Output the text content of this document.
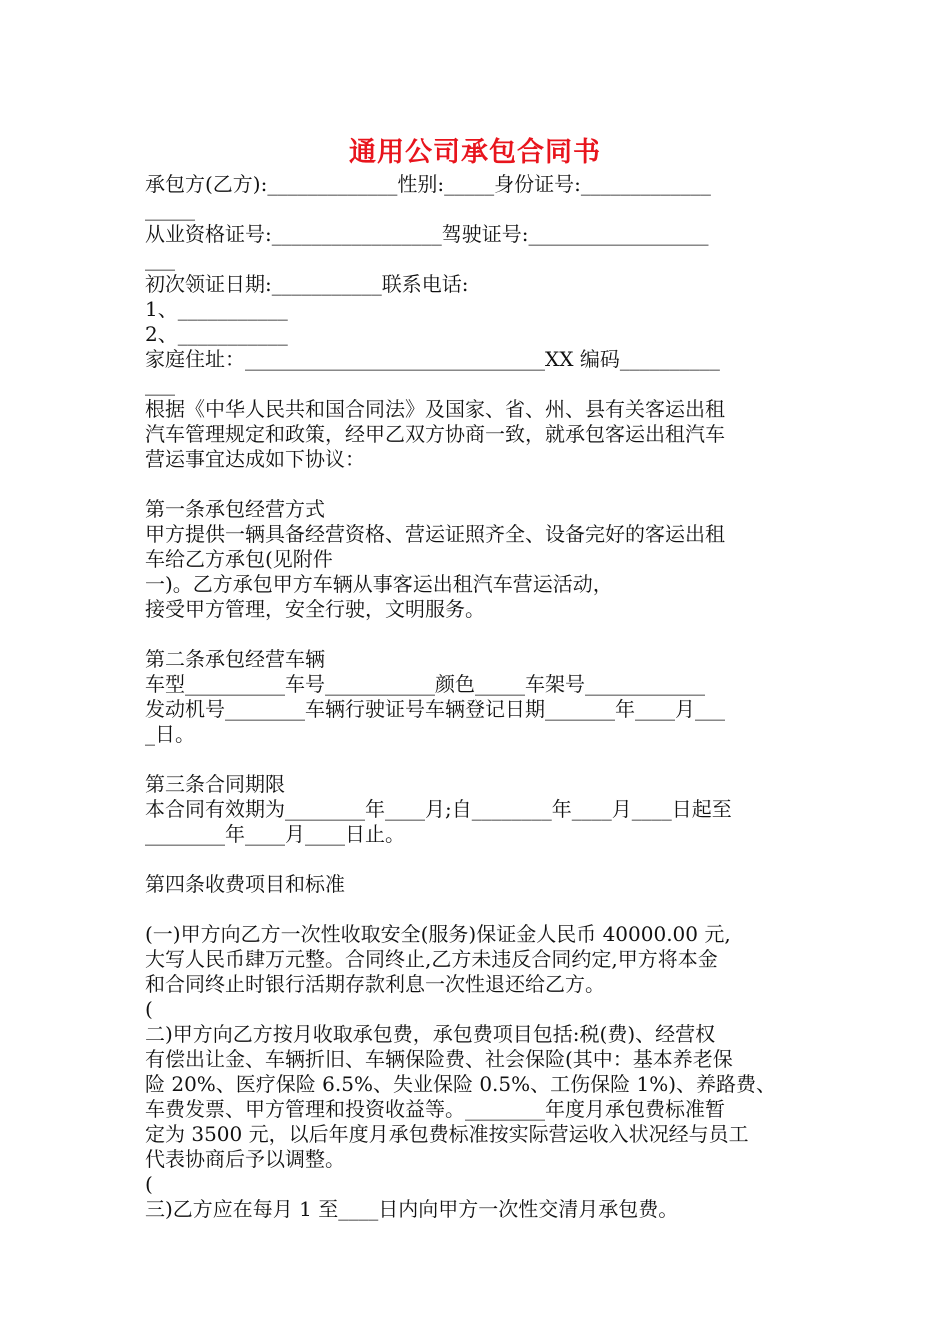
通用公司承包合同书
承包方(乙方):_____________性别:_____身份证号:_____________
_____
从业资格证号:_________________驾驶证号:__________________
___
初次领证日期:___________联系电话:
1、___________
2、___________
家庭住址：______________________________XX 编码__________
___
根据《中华人民共和国合同法》及国家、省、州、县有关客运出租
汽车管理规定和政策，经甲乙双方协商一致，就承包客运出租汽车
营运事宜达成如下协议：
第一条承包经营方式
甲方提供一辆具备经营资格、营运证照齐全、设备完好的客运出租
车给乙方承包(见附件
一)。乙方承包甲方车辆从事客运出租汽车营运活动，
接受甲方管理，安全行驶，文明服务。
第二条承包经营车辆
车型__________车号___________颜色_____车架号____________
发动机号________车辆行驶证号车辆登记日期_______年____月___
_日。
第三条合同期限
本合同有效期为________年____月;自________年____月____日起至
________年____月____日止。
第四条收费项目和标准
(一)甲方向乙方一次性收取安全(服务)保证金人民币 40000.00 元,
大写人民币肆万元整。合同终止,乙方未违反合同约定,甲方将本金
和合同终止时银行活期存款利息一次性退还给乙方。
(
二)甲方向乙方按月收取承包费，承包费项目包括:税(费)、经营权
有偿出让金、车辆折旧、车辆保险费、社会保险(其中：基本养老保
险 20%、医疗保险 6.5%、失业保险 0.5%、工伤保险 1%)、养路费、
车费发票、甲方管理和投资收益等。________年度月承包费标准暂
定为 3500 元，以后年度月承包费标准按实际营运收入状况经与员工
代表协商后予以调整。
(
三)乙方应在每月 1 至____日内向甲方一次性交清月承包费。
